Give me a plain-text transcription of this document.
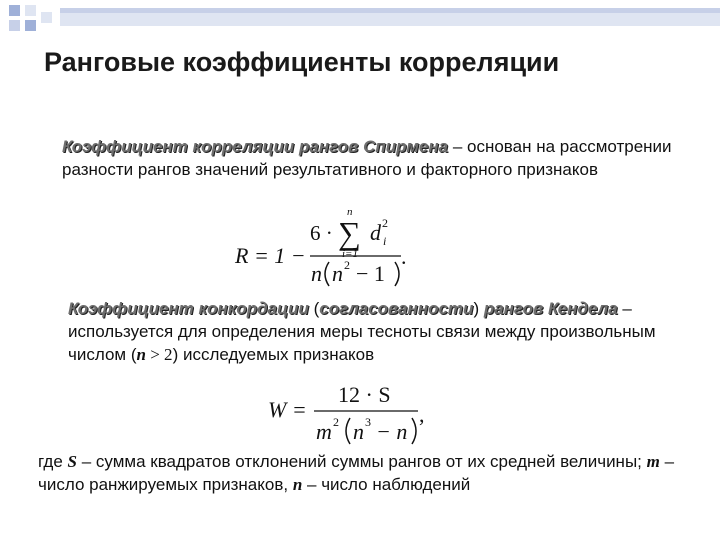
Ранговые коэффициенты корреляции
Коэффициент корреляции рангов Спирмена – основан на рассмотрении разности рангов значений результативного и факторного признаков
R = 1 −
6 ·
n
∑
i=1
d 2
i
n n 2 − 1
.
Коэффициент конкордации (согласованности) рангов Кендела – используется для определения меры тесноты связи между произвольным числом (n > 2) исследуемых признаков
W =
12 · S
m 2 n 3 − n
,
где S – сумма квадратов отклонений суммы рангов от их средней величины; m – число ранжируемых признаков, n – число наблюдений
